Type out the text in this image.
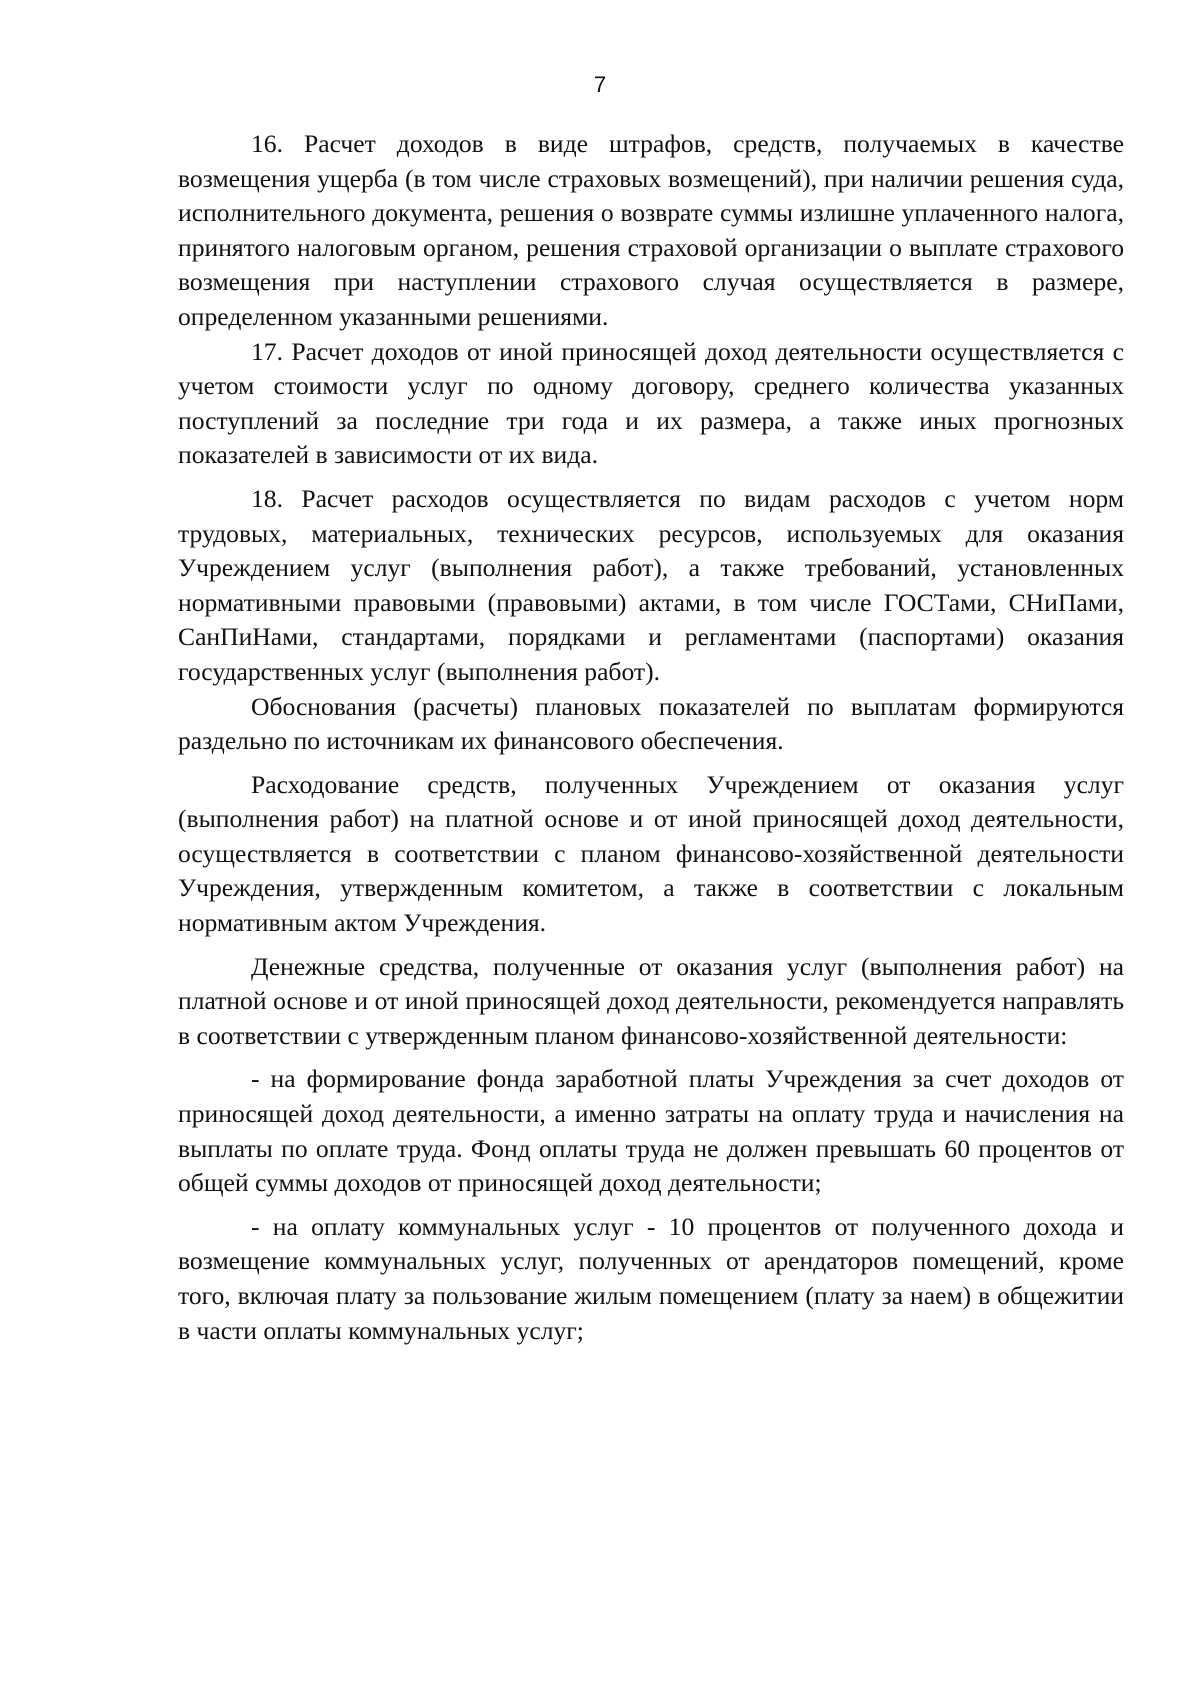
7

16. Расчет доходов в виде штрафов, средств, получаемых в качестве возмещения ущерба (в том числе страховых возмещений), при наличии решения суда, исполнительного документа, решения о возврате суммы излишне уплаченного налога, принятого налоговым органом, решения страховой организации о выплате страхового возмещения при наступлении страхового случая осуществляется в размере, определенном указанными решениями.

17. Расчет доходов от иной приносящей доход деятельности осуществляется с учетом стоимости услуг по одному договору, среднего количества указанных поступлений за последние три года и их размера, а также иных прогнозных показателей в зависимости от их вида.

18. Расчет расходов осуществляется по видам расходов с учетом норм трудовых, материальных, технических ресурсов, используемых для оказания Учреждением услуг (выполнения работ), а также требований, установленных нормативными правовыми (правовыми) актами, в том числе ГОСТами, СНиПами, СанПиНами, стандартами, порядками и регламентами (паспортами) оказания государственных услуг (выполнения работ).

Обоснования (расчеты) плановых показателей по выплатам формируются раздельно по источникам их финансового обеспечения.

Расходование средств, полученных Учреждением от оказания услуг (выполнения работ) на платной основе и от иной приносящей доход деятельности, осуществляется в соответствии с планом финансово-хозяйственной деятельности Учреждения, утвержденным комитетом, а также в соответствии с локальным нормативным актом Учреждения.

Денежные средства, полученные от оказания услуг (выполнения работ) на платной основе и от иной приносящей доход деятельности, рекомендуется направлять в соответствии с утвержденным планом финансово-хозяйственной деятельности:

- на формирование фонда заработной платы Учреждения за счет доходов от приносящей доход деятельности, а именно затраты на оплату труда и начисления на выплаты по оплате труда. Фонд оплаты труда не должен превышать 60 процентов от общей суммы доходов от приносящей доход деятельности;

- на оплату коммунальных услуг - 10 процентов от полученного дохода и возмещение коммунальных услуг, полученных от арендаторов помещений, кроме того, включая плату за пользование жилым помещением (плату за наем) в общежитии в части оплаты коммунальных услуг;
